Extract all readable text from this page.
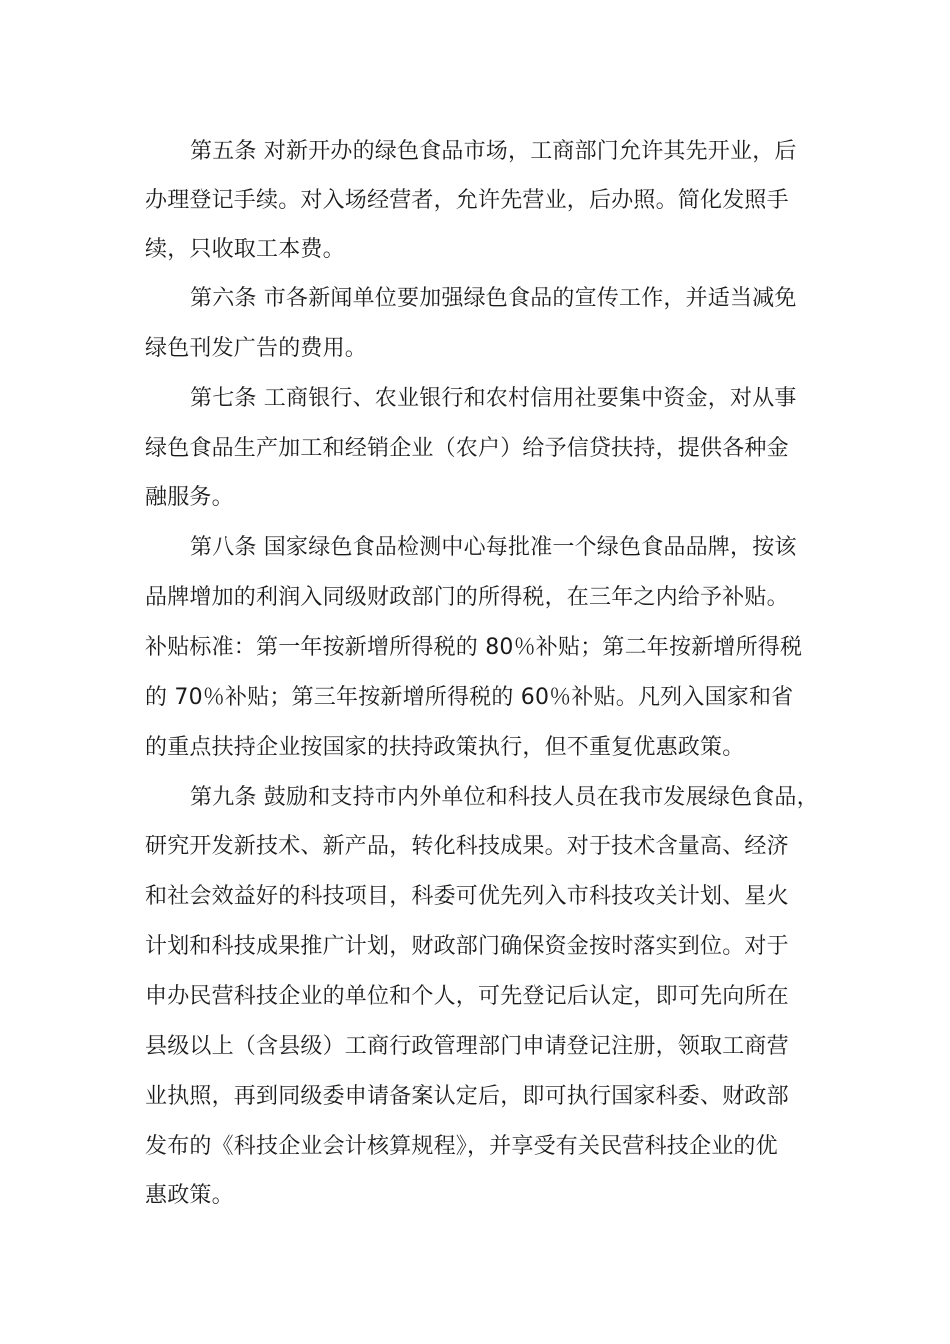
第五条 对新开办的绿色食品市场，工商部门允许其先开业，后

办理登记手续。对入场经营者，允许先营业，后办照。简化发照手

续，只收取工本费。

第六条 市各新闻单位要加强绿色食品的宣传工作，并适当减免

绿色刊发广告的费用。

第七条 工商银行、农业银行和农村信用社要集中资金，对从事

绿色食品生产加工和经销企业（农户）给予信贷扶持，提供各种金

融服务。

第八条 国家绿色食品检测中心每批准一个绿色食品品牌，按该

品牌增加的利润入同级财政部门的所得税，在三年之内给予补贴。

补贴标准：第一年按新增所得税的 80％补贴；第二年按新增所得税

的 70％补贴；第三年按新增所得税的 60％补贴。凡列入国家和省

的重点扶持企业按国家的扶持政策执行，但不重复优惠政策。

第九条 鼓励和支持市内外单位和科技人员在我市发展绿色食品，

研究开发新技术、新产品，转化科技成果。对于技术含量高、经济

和社会效益好的科技项目，科委可优先列入市科技攻关计划、星火

计划和科技成果推广计划，财政部门确保资金按时落实到位。对于

申办民营科技企业的单位和个人，可先登记后认定，即可先向所在

县级以上（含县级）工商行政管理部门申请登记注册，领取工商营

业执照，再到同级委申请备案认定后，即可执行国家科委、财政部

发布的《科技企业会计核算规程》，并享受有关民营科技企业的优

惠政策。
